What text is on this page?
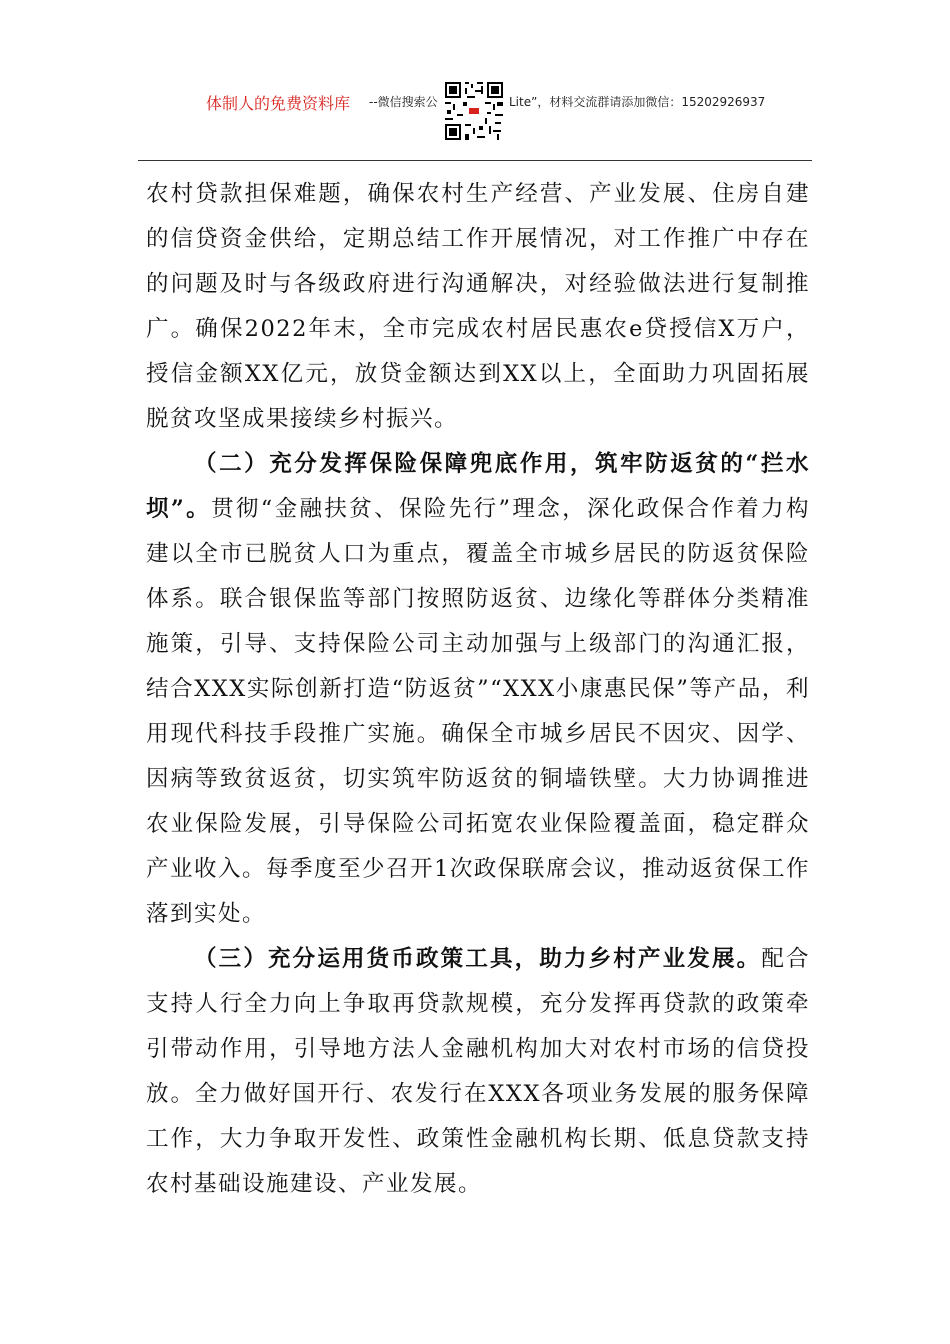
体制人的免费资料库 --微信搜索公	Lite”，材料交流群请添加微信：15202926937

农村贷款担保难题，确保农村生产经营、产业发展、住房自建的信贷资金供给，定期总结工作开展情况，对工作推广中存在的问题及时与各级政府进行沟通解决，对经验做法进行复制推广。确保2022年末，全市完成农村居民惠农e贷授信X万户，授信金额XX亿元，放贷金额达到XX以上，全面助力巩固拓展脱贫攻坚成果接续乡村振兴。

（二）充分发挥保险保障兜底作用，筑牢防返贫的“拦水坝”。贯彻“金融扶贫、保险先行”理念，深化政保合作着力构建以全市已脱贫人口为重点，覆盖全市城乡居民的防返贫保险体系。联合银保监等部门按照防返贫、边缘化等群体分类精准施策，引导、支持保险公司主动加强与上级部门的沟通汇报，结合XXX实际创新打造“防返贫”“XXX小康惠民保”等产品，利用现代科技手段推广实施。确保全市城乡居民不因灾、因学、因病等致贫返贫，切实筑牢防返贫的铜墙铁壁。大力协调推进农业保险发展，引导保险公司拓宽农业保险覆盖面，稳定群众产业收入。每季度至少召开1次政保联席会议，推动返贫保工作落到实处。

（三）充分运用货币政策工具，助力乡村产业发展。配合支持人行全力向上争取再贷款规模，充分发挥再贷款的政策牵引带动作用，引导地方法人金融机构加大对农村市场的信贷投放。全力做好国开行、农发行在XXX各项业务发展的服务保障工作，大力争取开发性、政策性金融机构长期、低息贷款支持农村基础设施建设、产业发展。
